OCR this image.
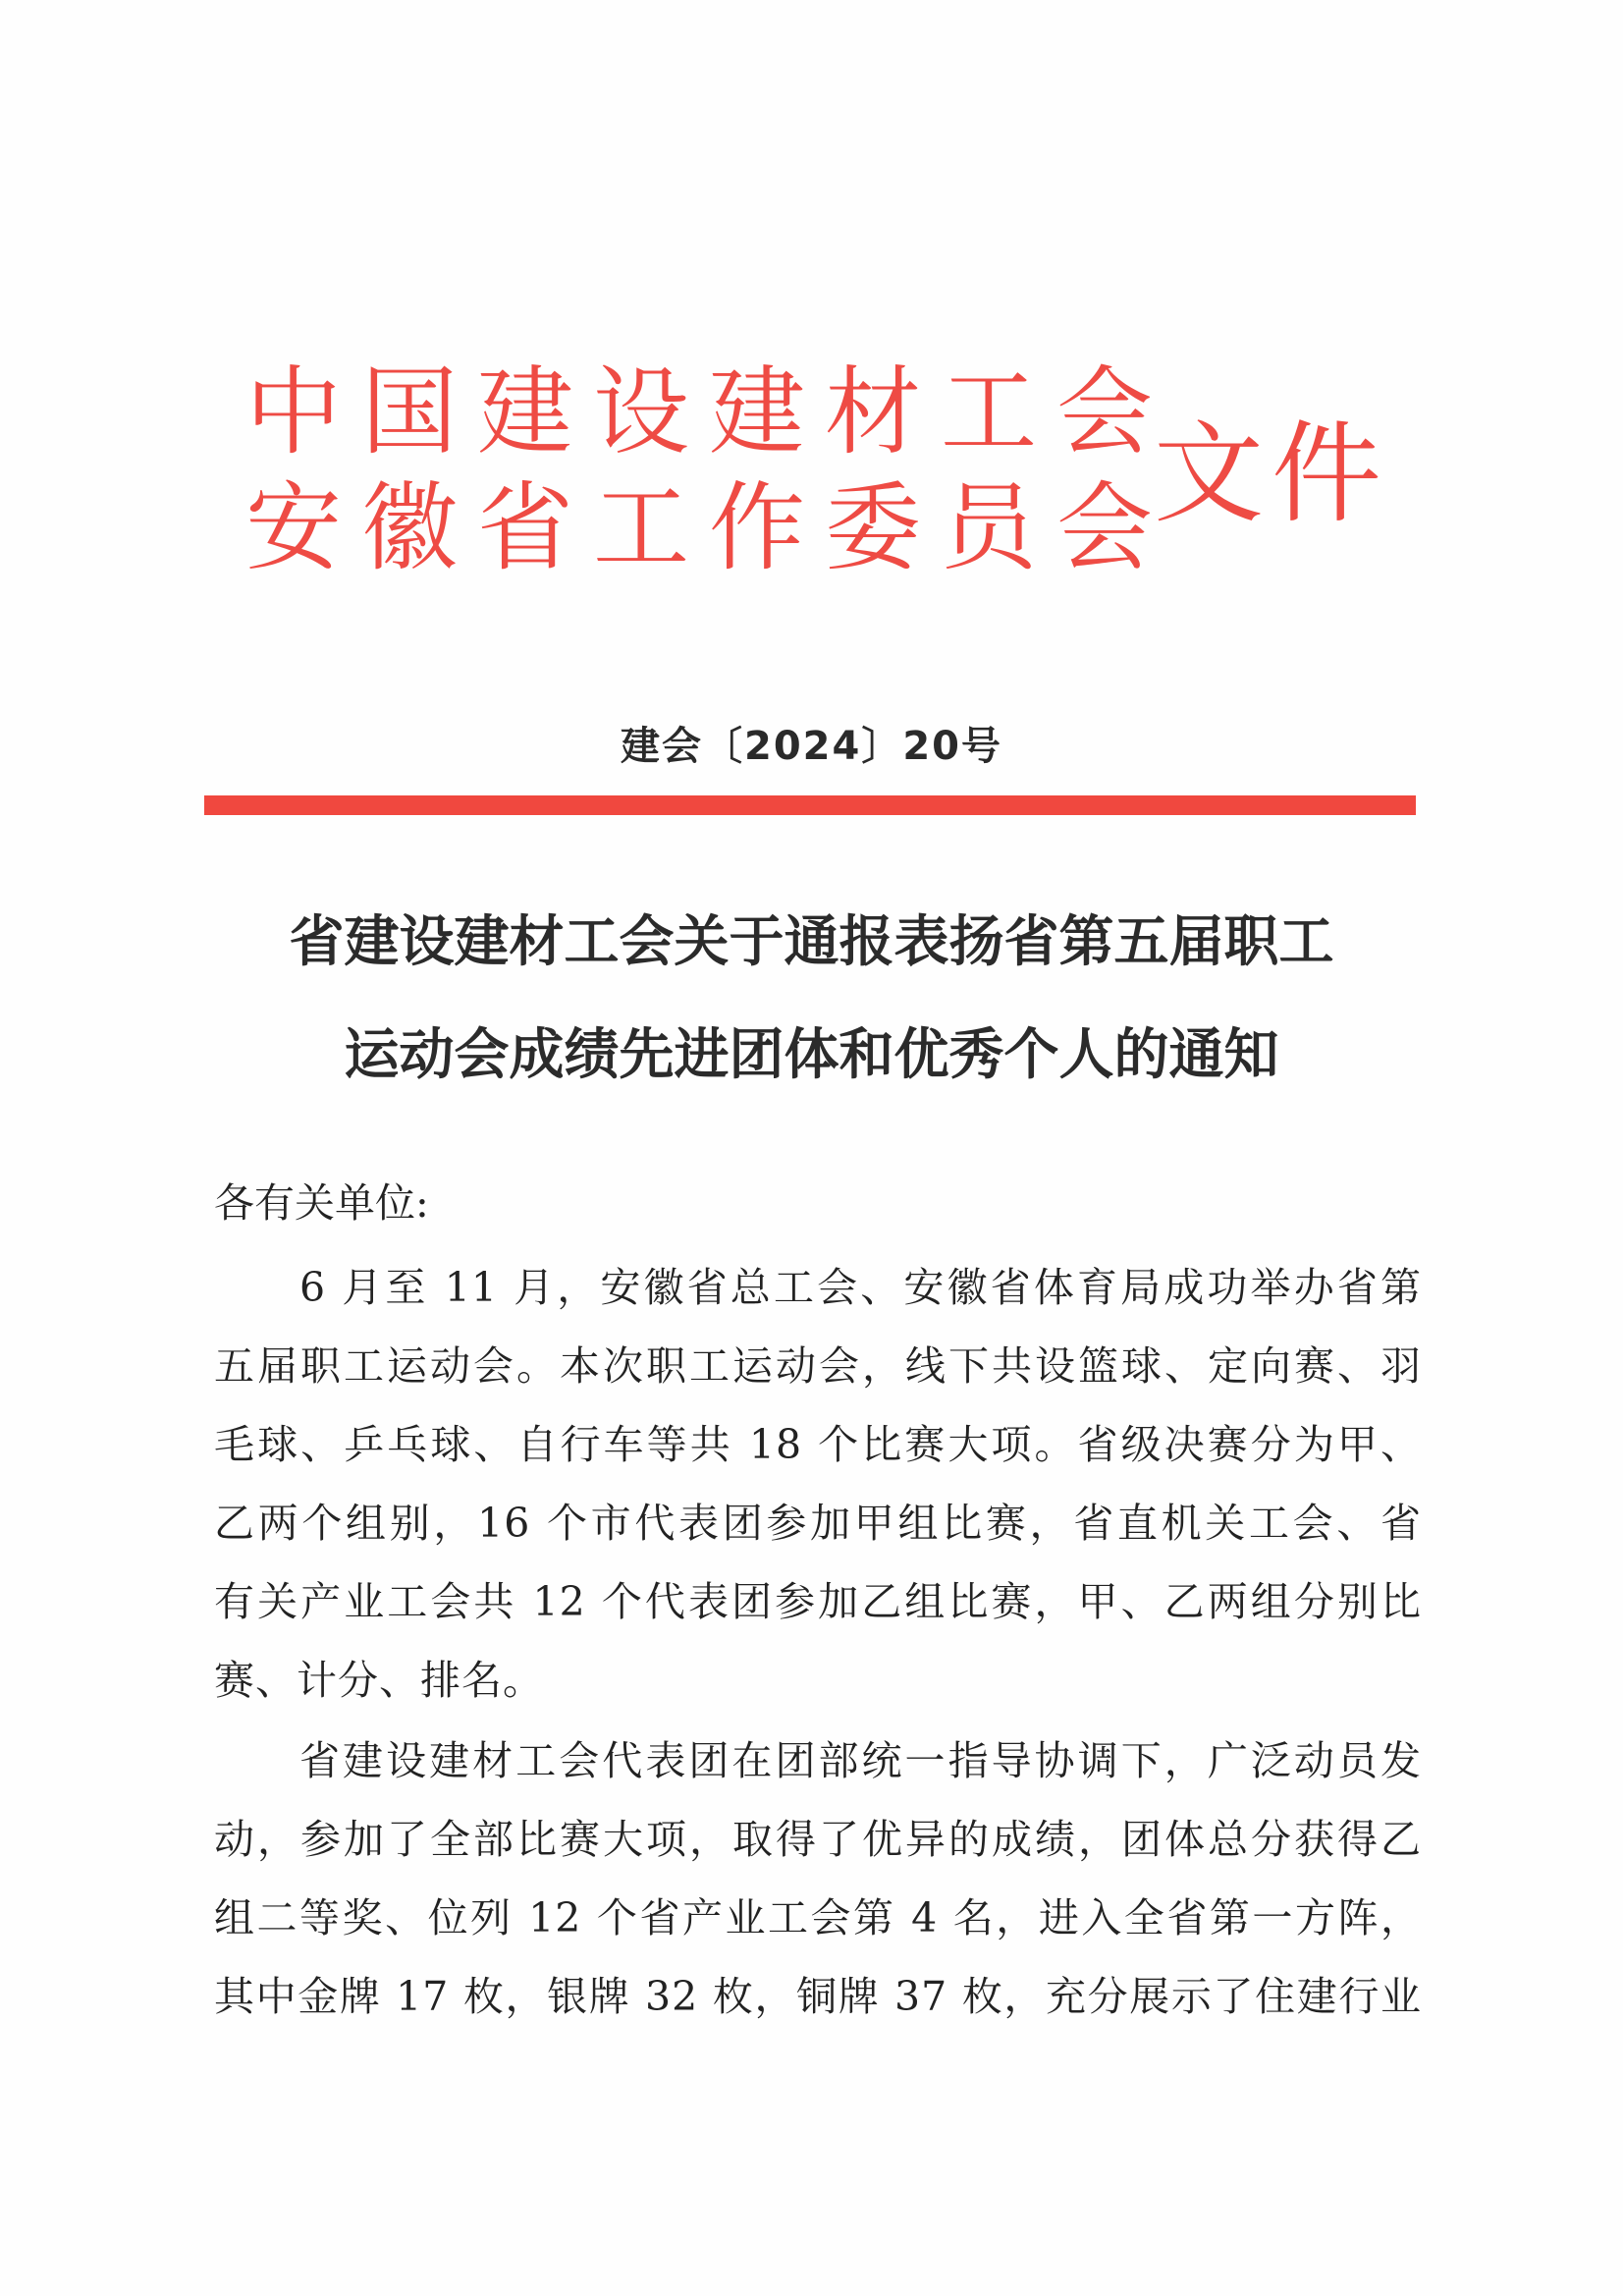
中国建设建材工会
安徽省工作委员会
文件
建会〔2024〕20号
省建设建材工会关于通报表扬省第五届职工
运动会成绩先进团体和优秀个人的通知
各有关单位:
6 月至 11 月，安徽省总工会、安徽省体育局成功举办省第
五届职工运动会。本次职工运动会，线下共设篮球、定向赛、羽
毛球、乒乓球、自行车等共 18 个比赛大项。省级决赛分为甲、
乙两个组别，16 个市代表团参加甲组比赛，省直机关工会、省
有关产业工会共 12 个代表团参加乙组比赛，甲、乙两组分别比
赛、计分、排名。
省建设建材工会代表团在团部统一指导协调下，广泛动员发
动，参加了全部比赛大项，取得了优异的成绩，团体总分获得乙
组二等奖、位列 12 个省产业工会第 4 名，进入全省第一方阵，
其中金牌 17 枚，银牌 32 枚，铜牌 37 枚，充分展示了住建行业
